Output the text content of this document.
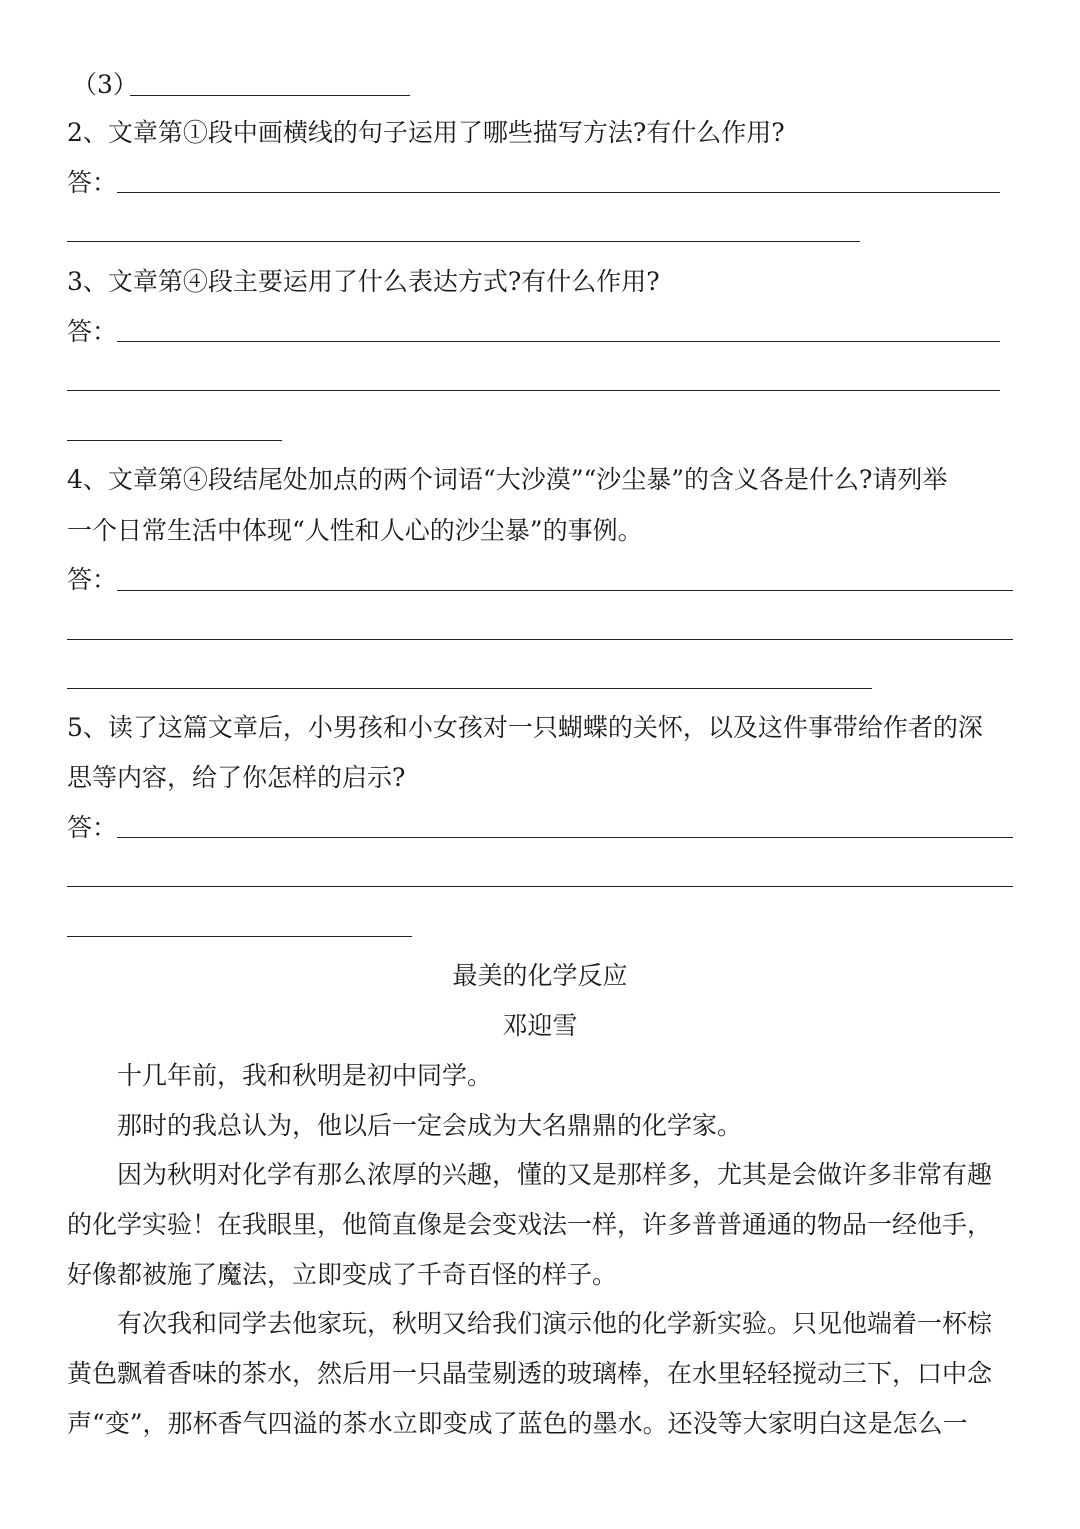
（3）
2、文章第①段中画横线的句子运用了哪些描写方法?有什么作用?
答：
3、文章第④段主要运用了什么表达方式?有什么作用?
答：
4、文章第④段结尾处加点的两个词语“大沙漠”“沙尘暴”的含义各是什么?请列举
一个日常生活中体现“人性和人心的沙尘暴”的事例。
答：
5、读了这篇文章后，小男孩和小女孩对一只蝴蝶的关怀，以及这件事带给作者的深
思等内容，给了你怎样的启示?
答：
最美的化学反应
邓迎雪
十几年前，我和秋明是初中同学。
那时的我总认为，他以后一定会成为大名鼎鼎的化学家。
因为秋明对化学有那么浓厚的兴趣，懂的又是那样多，尤其是会做许多非常有趣
的化学实验！在我眼里，他简直像是会变戏法一样，许多普普通通的物品一经他手，
好像都被施了魔法，立即变成了千奇百怪的样子。
有次我和同学去他家玩，秋明又给我们演示他的化学新实验。只见他端着一杯棕
黄色飘着香味的茶水，然后用一只晶莹剔透的玻璃棒，在水里轻轻搅动三下，口中念
声“变”，那杯香气四溢的茶水立即变成了蓝色的墨水。还没等大家明白这是怎么一
